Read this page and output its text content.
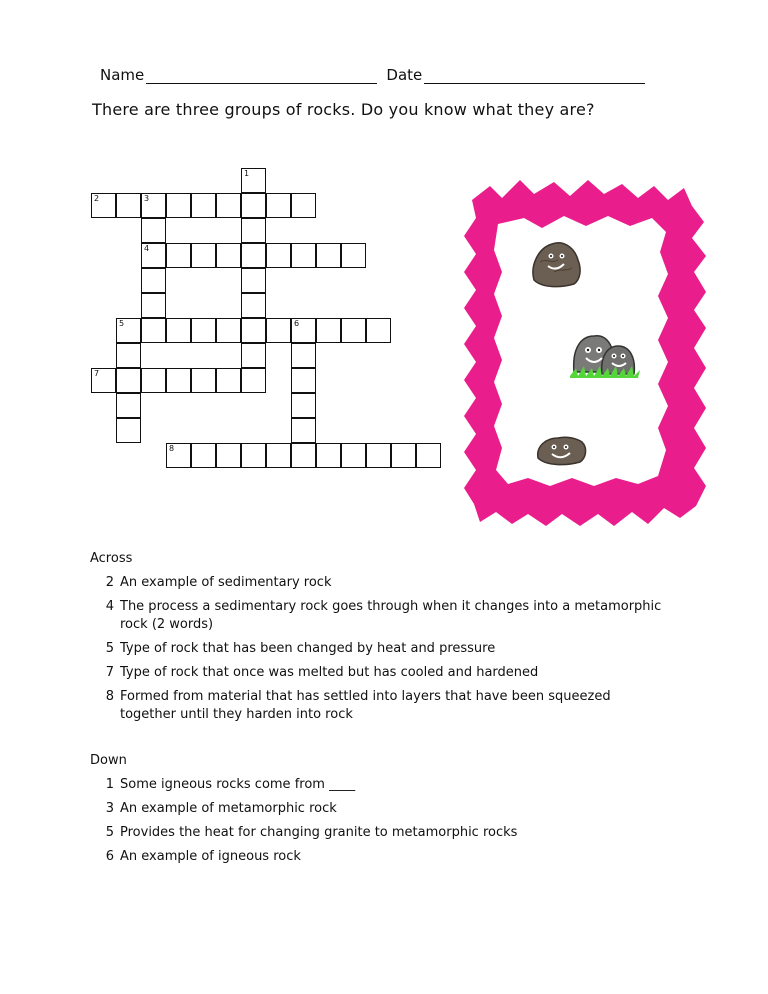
Name	Date
There are three groups of rocks. Do you know what they are?
1
2	3
4
5	6
7
8
Across
2 An example of sedimentary rock
4 The process a sedimentary rock goes through when it changes into a metamorphic rock (2 words)
5 Type of rock that has been changed by heat and pressure
7 Type of rock that once was melted but has cooled and hardened
8 Formed from material that has settled into layers that have been squeezed together until they harden into rock
Down
1 Some igneous rocks come from ____
3 An example of metamorphic rock
5 Provides the heat for changing granite to metamorphic rocks
6 An example of igneous rock
